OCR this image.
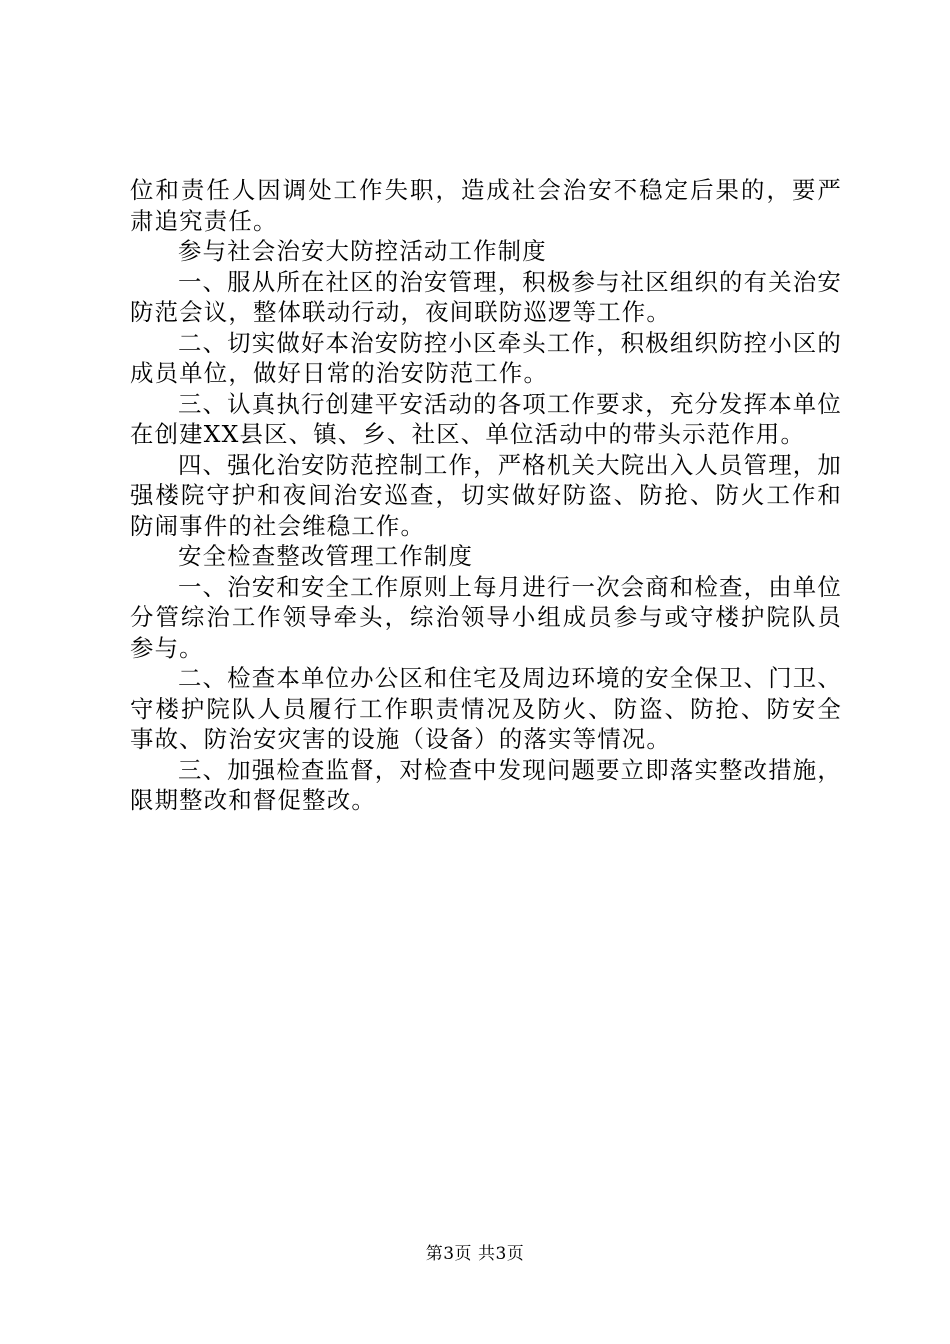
位和责任人因调处工作失职，造成社会治安不稳定后果的，要严肃追究责任。

参与社会治安大防控活动工作制度

一、服从所在社区的治安管理，积极参与社区组织的有关治安防范会议，整体联动行动，夜间联防巡逻等工作。

二、切实做好本治安防控小区牵头工作，积极组织防控小区的成员单位，做好日常的治安防范工作。

三、认真执行创建平安活动的各项工作要求，充分发挥本单位在创建XX县区、镇、乡、社区、单位活动中的带头示范作用。

四、强化治安防范控制工作，严格机关大院出入人员管理，加强楼院守护和夜间治安巡查，切实做好防盗、防抢、防火工作和防闹事件的社会维稳工作。

安全检查整改管理工作制度

一、治安和安全工作原则上每月进行一次会商和检查，由单位分管综治工作领导牵头，综治领导小组成员参与或守楼护院队员参与。

二、检查本单位办公区和住宅及周边环境的安全保卫、门卫、守楼护院队人员履行工作职责情况及防火、防盗、防抢、防安全事故、防治安灾害的设施（设备）的落实等情况。

三、加强检查监督，对检查中发现问题要立即落实整改措施，限期整改和督促整改。

第3页 共3页
